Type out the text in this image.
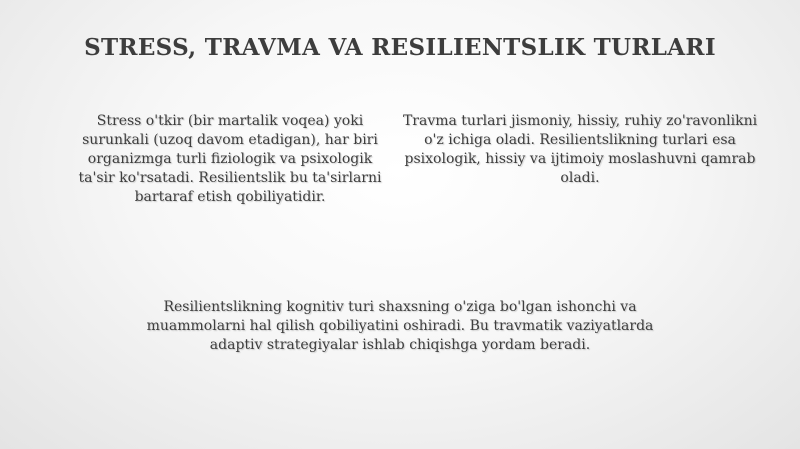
STRESS, TRAVMA VA RESILIENTSLIK TURLARI
Stress o'tkir (bir martalik voqea) yoki surunkali (uzoq davom etadigan), har biri organizmga turli fiziologik va psixologik ta'sir ko'rsatadi. Resilientslik bu ta'sirlarni bartaraf etish qobiliyatidir.
Travma turlari jismoniy, hissiy, ruhiy zo'ravonlikni o'z ichiga oladi. Resilientslikning turlari esa psixologik, hissiy va ijtimoiy moslashuvni qamrab oladi.
Resilientslikning kognitiv turi shaxsning o'ziga bo'lgan ishonchi va muammolarni hal qilish qobiliyatini oshiradi. Bu travmatik vaziyatlarda adaptiv strategiyalar ishlab chiqishga yordam beradi.
